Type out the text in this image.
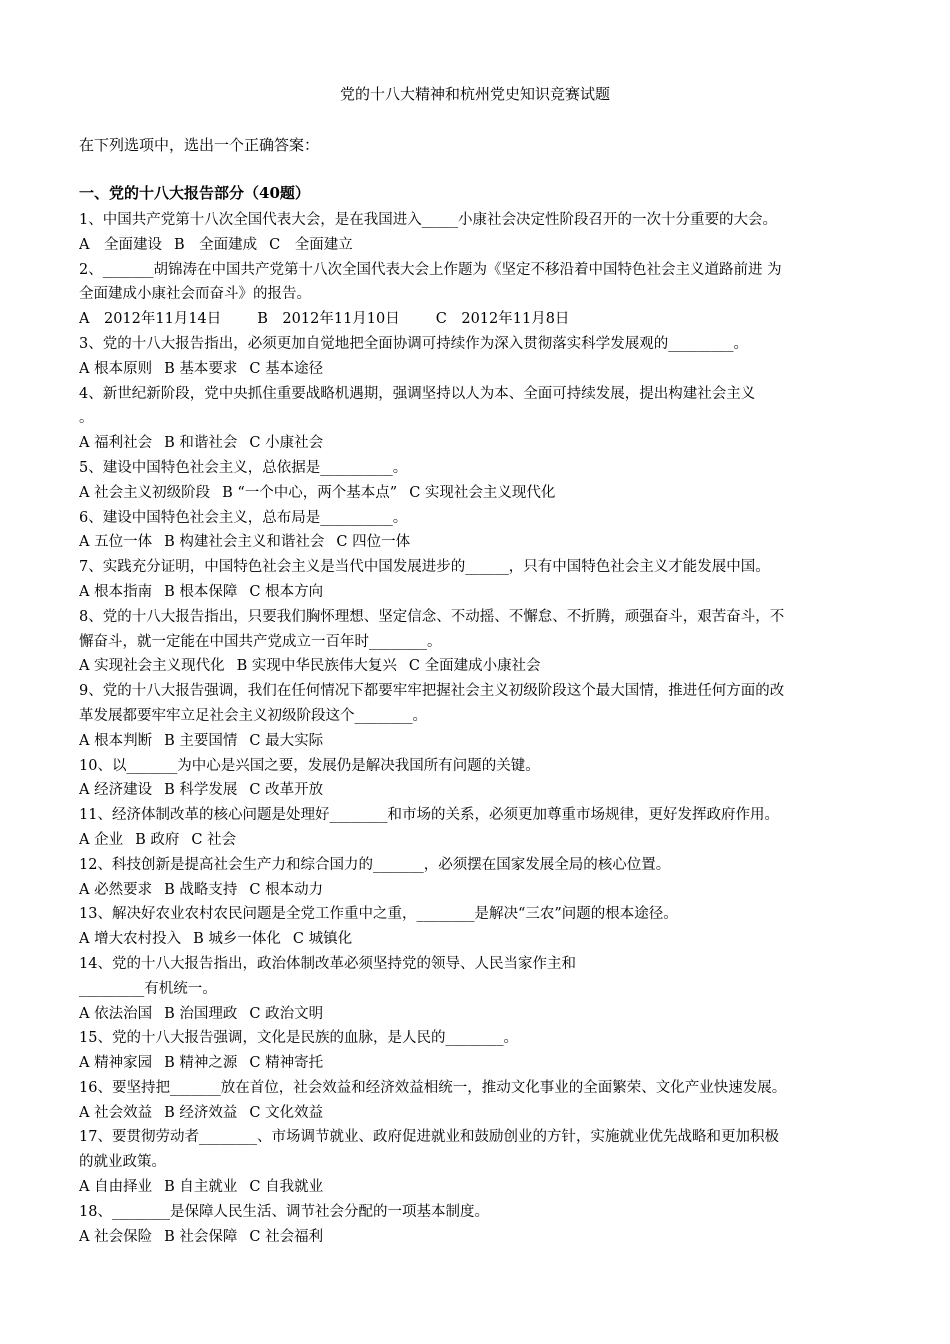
党的十八大精神和杭州党史知识竞赛试题
在下列选项中，选出一个正确答案：
一、党的十八大报告部分（40题）
1、中国共产党第十八次全国代表大会，是在我国进入_____小康社会决定性阶段召开的一次十分重要的大会。
A　全面建设 B　全面建成 C　全面建立
2、_______胡锦涛在中国共产党第十八次全国代表大会上作题为《坚定不移沿着中国特色社会主义道路前进 为
全面建成小康社会而奋斗》的报告。
A　2012年11月14日 B　2012年11月10日 C　2012年11月8日
3、党的十八大报告指出，必须更加自觉地把全面协调可持续作为深入贯彻落实科学发展观的_________。
A 根本原则 B 基本要求 C 基本途径
4、新世纪新阶段，党中央抓住重要战略机遇期，强调坚持以人为本、全面可持续发展，提出构建社会主义
。
A 福利社会 B 和谐社会 C 小康社会
5、建设中国特色社会主义，总依据是__________。
A 社会主义初级阶段 B “一个中心，两个基本点” C 实现社会主义现代化
6、建设中国特色社会主义，总布局是__________。
A 五位一体 B 构建社会主义和谐社会 C 四位一体
7、实践充分证明，中国特色社会主义是当代中国发展进步的______，只有中国特色社会主义才能发展中国。
A 根本指南 B 根本保障 C 根本方向
8、党的十八大报告指出，只要我们胸怀理想、坚定信念、不动摇、不懈怠、不折腾，顽强奋斗，艰苦奋斗，不
懈奋斗，就一定能在中国共产党成立一百年时________。
A 实现社会主义现代化 B 实现中华民族伟大复兴 C 全面建成小康社会
9、党的十八大报告强调，我们在任何情况下都要牢牢把握社会主义初级阶段这个最大国情，推进任何方面的改
革发展都要牢牢立足社会主义初级阶段这个________。
A 根本判断 B 主要国情 C 最大实际
10、以_______为中心是兴国之要，发展仍是解决我国所有问题的关键。
A 经济建设 B 科学发展 C 改革开放
11、经济体制改革的核心问题是处理好________和市场的关系，必须更加尊重市场规律，更好发挥政府作用。
A 企业 B 政府 C 社会
12、科技创新是提高社会生产力和综合国力的_______，必须摆在国家发展全局的核心位置。
A 必然要求 B 战略支持 C 根本动力
13、解决好农业农村农民问题是全党工作重中之重，________是解决“三农”问题的根本途径。
A 增大农村投入 B 城乡一体化 C 城镇化
14、党的十八大报告指出，政治体制改革必须坚持党的领导、人民当家作主和
_________有机统一。
A 依法治国 B 治国理政 C 政治文明
15、党的十八大报告强调，文化是民族的血脉，是人民的________。
A 精神家园 B 精神之源 C 精神寄托
16、要坚持把_______放在首位，社会效益和经济效益相统一，推动文化事业的全面繁荣、文化产业快速发展。
A 社会效益 B 经济效益 C 文化效益
17、要贯彻劳动者________、市场调节就业、政府促进就业和鼓励创业的方针，实施就业优先战略和更加积极
的就业政策。
A 自由择业 B 自主就业 C 自我就业
18、________是保障人民生活、调节社会分配的一项基本制度。
A 社会保险 B 社会保障 C 社会福利
